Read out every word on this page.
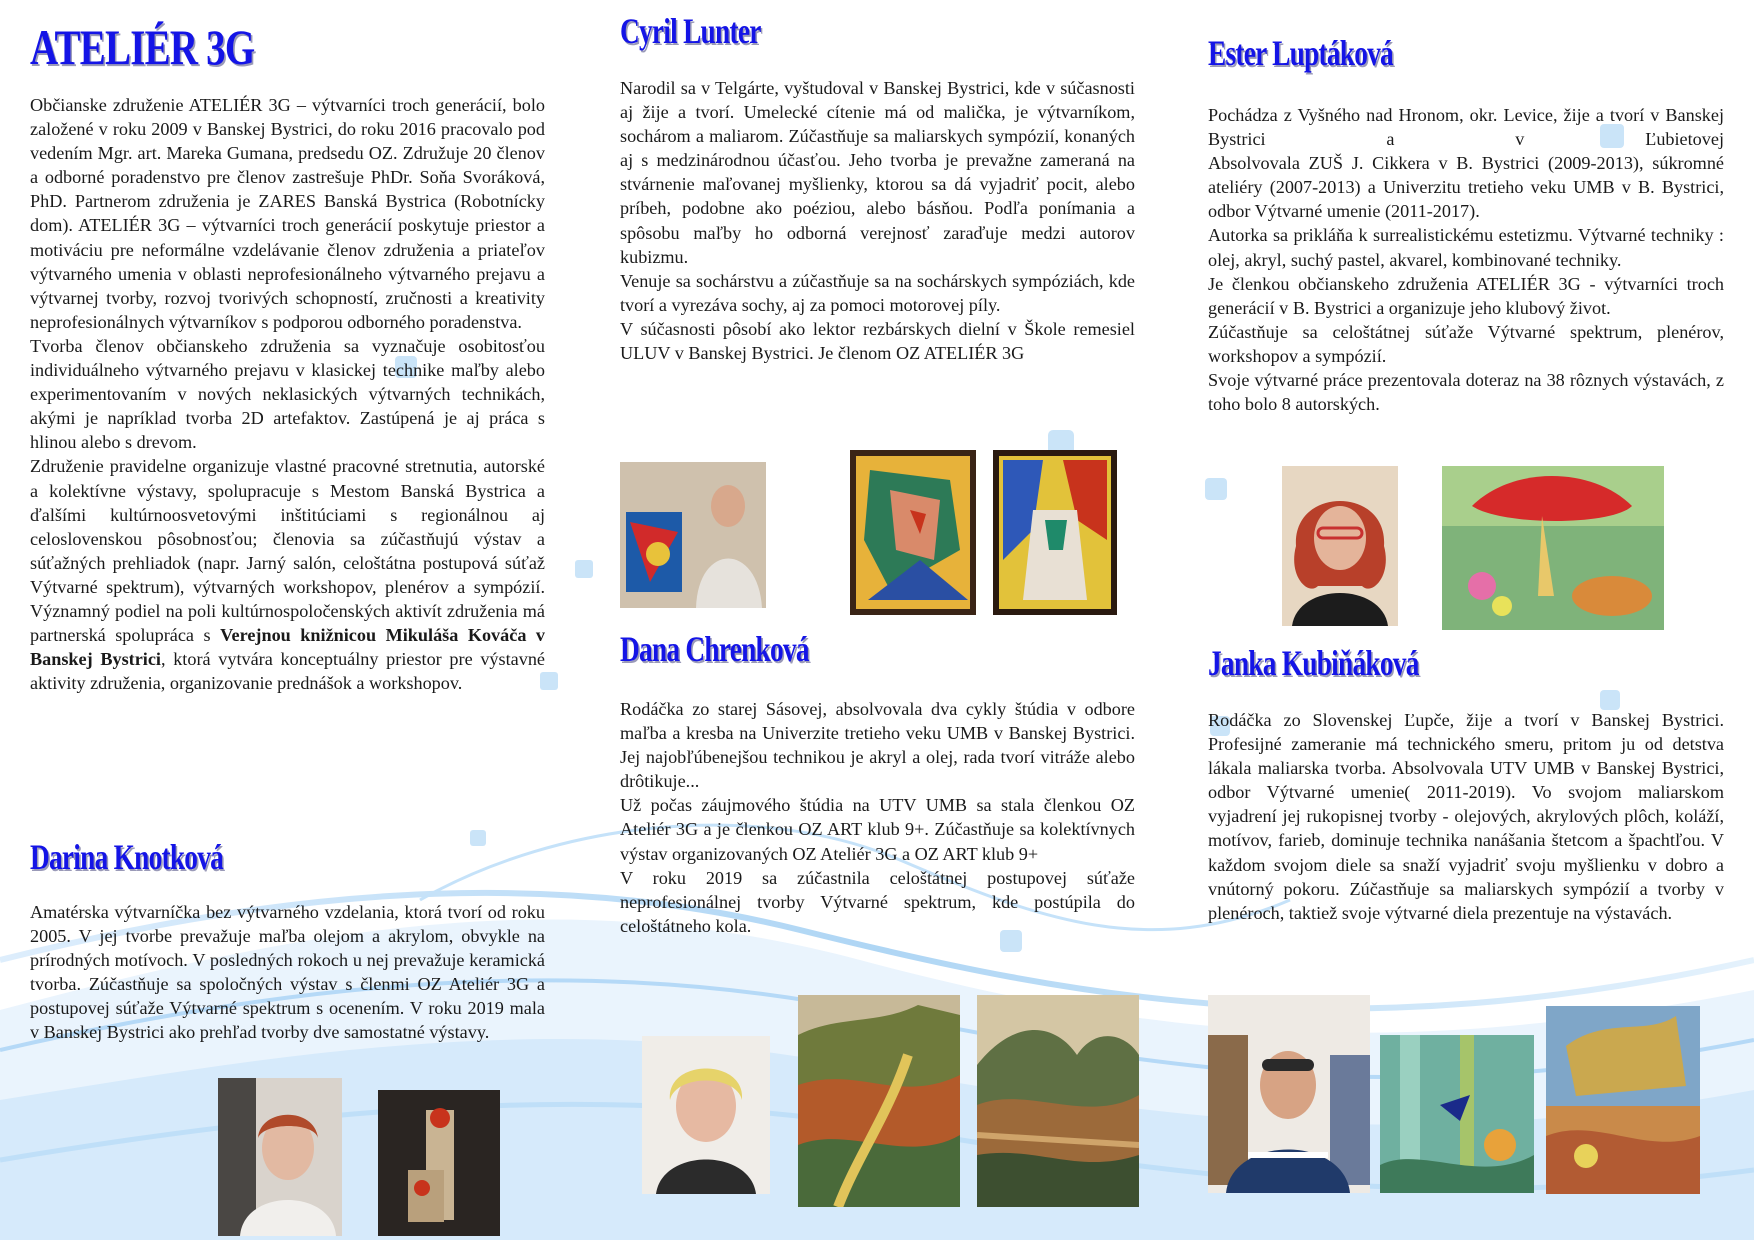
ATELIÉR 3G

Občianske združenie ATELIÉR 3G – výtvarníci troch generácií, bolo založené v roku 2009 v Banskej Bystrici, do roku 2016 pracovalo pod vedením Mgr. art. Mareka Gumana, predsedu OZ. Združuje 20 členov a odborné poradenstvo pre členov zastrešuje PhDr. Soňa Svoráková, PhD. Partnerom združenia je ZARES Banská Bystrica (Robotnícky dom). ATELIÉR 3G – výtvarníci troch generácií poskytuje priestor a motiváciu pre neformálne vzdelávanie členov združenia a priateľov výtvarného umenia v oblasti neprofesionálneho výtvarného prejavu a výtvarnej tvorby, rozvoj tvorivých schopností, zručnosti a kreativity neprofesionálnych výtvarníkov s podporou odborného poradenstva.

Tvorba členov občianskeho združenia sa vyznačuje osobitosťou individuálneho výtvarného prejavu v klasickej technike maľby alebo experimentovaním v nových neklasických výtvarných technikách, akými je napríklad tvorba 2D artefaktov. Zastúpená je aj práca s hlinou alebo s drevom.

Združenie pravidelne organizuje vlastné pracovné stretnutia, autorské a kolektívne výstavy, spolupracuje s Mestom Banská Bystrica a ďalšími kultúrnoosvetovými inštitúciami s regionálnou aj celoslovenskou pôsobnosťou; členovia sa zúčastňujú výstav a súťažných prehliadok (napr. Jarný salón, celoštátna postupová súťaž Výtvarné spektrum), výtvarných workshopov, plenérov a sympózií. Významný podiel na poli kultúrnospoločenských aktivít združenia má partnerská spolupráca s Verejnou knižnicou Mikuláša Kováča v Banskej Bystrici, ktorá vytvára konceptuálny priestor pre výstavné aktivity združenia, organizovanie prednášok a workshopov.

Darina Knotková

Amatérska výtvarníčka bez výtvarného vzdelania, ktorá tvorí od roku 2005. V jej tvorbe prevažuje maľba olejom a akrylom, obvykle na prírodných motívoch. V posledných rokoch u nej prevažuje keramická tvorba. Zúčastňuje sa spoločných výstav s členmi OZ Ateliér 3G a postupovej súťaže Výtvarné spektrum s ocenením. V roku 2019 mala v Banskej Bystrici ako prehľad tvorby dve samostatné výstavy.

Cyril Lunter

Narodil sa v Telgárte, vyštudoval v Banskej Bystrici, kde v súčasnosti aj žije a tvorí. Umelecké cítenie má od malička, je výtvarníkom, sochárom a maliarom. Zúčastňuje sa maliarskych sympózií, konaných aj s medzinárodnou účasťou. Jeho tvorba je prevažne zameraná na stvárnenie maľovanej myšlienky, ktorou sa dá vyjadriť pocit, alebo príbeh, podobne ako poéziou, alebo básňou. Podľa ponímania a spôsobu maľby ho odborná verejnosť zaraďuje medzi autorov kubizmu.

Venuje sa sochárstvu a zúčastňuje sa na sochárskych sympóziách, kde tvorí a vyrezáva sochy, aj za pomoci motorovej píly.

V súčasnosti pôsobí ako lektor rezbárskych dielní v Škole remesiel ULUV v Banskej Bystrici. Je členom OZ ATELIÉR 3G

Dana Chrenková

Rodáčka zo starej Sásovej, absolvovala dva cykly štúdia v odbore maľba a kresba na Univerzite tretieho veku UMB v Banskej Bystrici. Jej najobľúbenejšou technikou je akryl a olej, rada tvorí vitráže alebo drôtikuje...

Už počas záujmového štúdia na UTV UMB sa stala členkou OZ Ateliér 3G a je členkou OZ ART klub 9+. Zúčastňuje sa kolektívnych výstav organizovaných OZ Ateliér 3G a OZ ART klub 9+

V roku 2019 sa zúčastnila celoštátnej postupovej súťaže neprofesionálnej tvorby Výtvarné spektrum, kde postúpila do celoštátneho kola.

Ester Luptáková

Pochádza z Vyšného nad Hronom, okr. Levice, žije a tvorí v Banskej Bystrici a v Ľubietovej

Absolvovala ZUŠ J. Cikkera v B. Bystrici (2009-2013), súkromné ateliéry (2007-2013) a Univerzitu tretieho veku UMB v B. Bystrici, odbor Výtvarné umenie (2011-2017).

Autorka sa prikláňa k surrealistickému estetizmu. Výtvarné techniky : olej, akryl, suchý pastel, akvarel, kombinované techniky.

Je členkou občianskeho združenia ATELIÉR 3G - výtvarníci troch generácií v B. Bystrici a organizuje jeho klubový život.

Zúčastňuje sa celoštátnej súťaže Výtvarné spektrum, plenérov, workshopov a sympózií.

Svoje výtvarné práce prezentovala doteraz na 38 rôznych výstavách, z toho bolo 8 autorských.

Janka Kubiňáková

Rodáčka zo Slovenskej Ľupče, žije a tvorí v Banskej Bystrici. Profesijné zameranie má technického smeru, pritom ju od detstva lákala maliarska tvorba. Absolvovala UTV UMB v Banskej Bystrici, odbor Výtvarné umenie( 2011-2019). Vo svojom maliarskom vyjadrení jej rukopisnej tvorby - olejových, akrylových plôch, koláží, motívov, farieb, dominuje technika nanášania štetcom a špachtľou. V každom svojom diele sa snaží vyjadriť svoju myšlienku v dobro a vnútorný pokoru. Zúčastňuje sa maliarskych sympózií a tvorby v plenéroch, taktiež svoje výtvarné diela prezentuje na výstavách.
